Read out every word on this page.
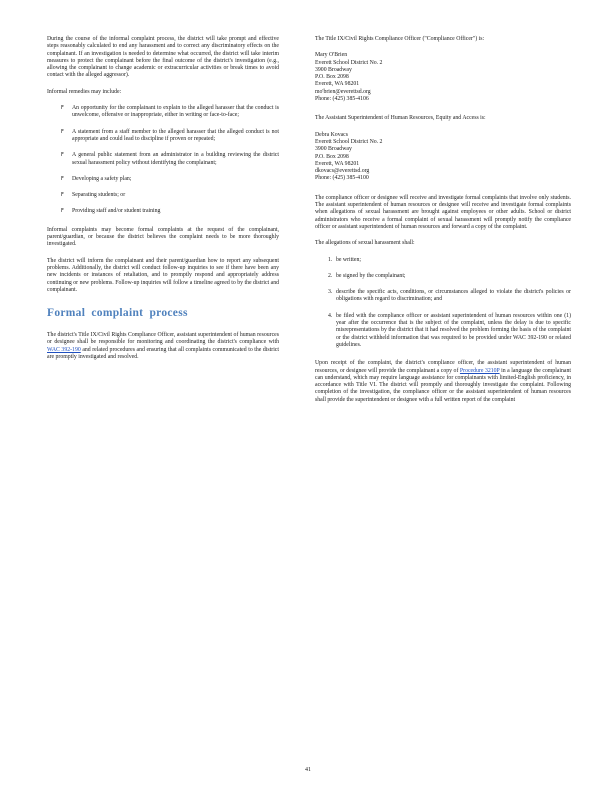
During the course of the informal complaint process, the district will take prompt and effective steps reasonably calculated to end any harassment and to correct any discriminatory effects on the complainant. If an investigation is needed to determine what occurred, the district will take interim measures to protect the complainant before the final outcome of the district's investigation (e.g., allowing the complainant to change academic or extracurricular activities or break times to avoid contact with the alleged aggressor).

Informal remedies may include:

F An opportunity for the complainant to explain to the alleged harasser that the conduct is unwelcome, offensive or inappropriate, either in writing or face-to-face;
F A statement from a staff member to the alleged harasser that the alleged conduct is not appropriate and could lead to discipline if proven or repeated;
F A general public statement from an administrator in a building reviewing the district sexual harassment policy without identifying the complainant;
F Developing a safety plan;
F Separating students; or
F Providing staff and/or student training

Informal complaints may become formal complaints at the request of the complainant, parent/guardian, or because the district believes the complaint needs to be more thoroughly investigated.

The district will inform the complainant and their parent/guardian how to report any subsequent problems. Additionally, the district will conduct follow-up inquiries to see if there have been any new incidents or instances of retaliation, and to promptly respond and appropriately address continuing or new problems. Follow-up inquiries will follow a timeline agreed to by the district and complainant.

Formal complaint process

The district's Title IX/Civil Rights Compliance Officer, assistant superintendent of human resources or designee shall be responsible for monitoring and coordinating the district's compliance with WAC 392-190 and related procedures and ensuring that all complaints communicated to the district are promptly investigated and resolved.

The Title IX/Civil Rights Compliance Officer ("Compliance Officer") is:

Mary O'Brien
Everett School District No. 2
3900 Broadway
P.O. Box 2098
Everett, WA 98201
mo'brien@everettsd.org
Phone: (425) 385-4106

The Assistant Superintendent of Human Resources, Equity and Access is:

Debra Kovacs
Everett School District No. 2
3900 Broadway
P.O. Box 2098
Everett, WA 98201
dkovacs@everettsd.org
Phone: (425) 385-4100

The compliance officer or designee will receive and investigate formal complaints that involve only students. The assistant superintendent of human resources or designee will receive and investigate formal complaints when allegations of sexual harassment are brought against employees or other adults. School or district administrators who receive a formal complaint of sexual harassment will promptly notify the compliance officer or assistant superintendent of human resources and forward a copy of the complaint.

The allegations of sexual harassment shall:

1. be written;
2. be signed by the complainant;
3. describe the specific acts, conditions, or circumstances alleged to violate the district's policies or obligations with regard to discrimination; and
4. be filed with the compliance officer or assistant superintendent of human resources within one (1) year after the occurrence that is the subject of the complaint, unless the delay is due to specific misrepresentations by the district that it had resolved the problem forming the basis of the complaint or the district withheld information that was required to be provided under WAC 392-190 or related guidelines.

Upon receipt of the complaint, the district's compliance officer, the assistant superintendent of human resources, or designee will provide the complainant a copy of Procedure 3210P in a language the complainant can understand, which may require language assistance for complainants with limited-English proficiency, in accordance with Title VI. The district will promptly and thoroughly investigate the complaint. Following completion of the investigation, the compliance officer or the assistant superintendent of human resources shall provide the superintendent or designee with a full written report of the complaint

41
